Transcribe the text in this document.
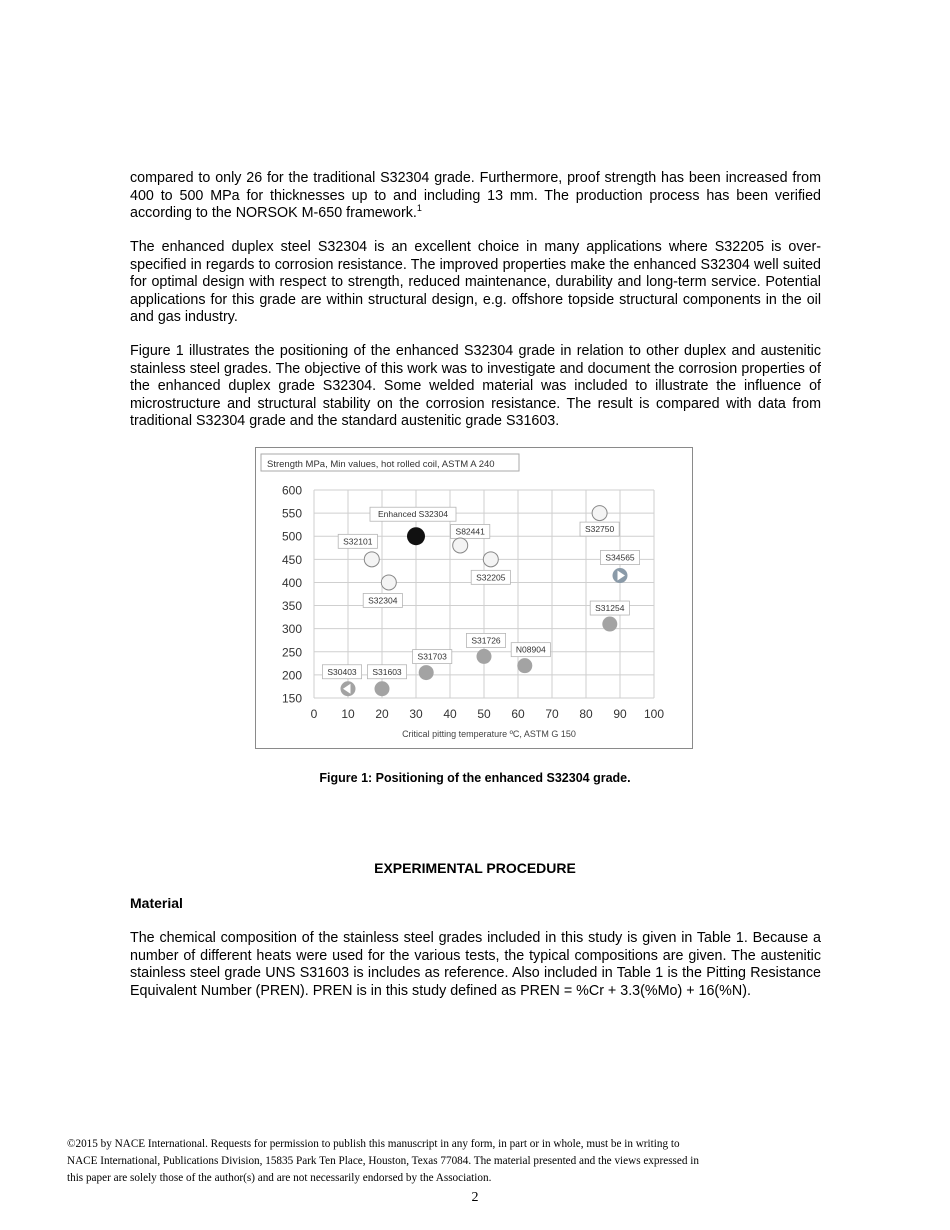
compared to only 26 for the traditional S32304 grade. Furthermore, proof strength has been increased from 400 to 500 MPa for thicknesses up to and including 13 mm. The production process has been verified according to the NORSOK M-650 framework.$^1$

The enhanced duplex steel S32304 is an excellent choice in many applications where S32205 is over-specified in regards to corrosion resistance. The improved properties make the enhanced S32304 well suited for optimal design with respect to strength, reduced maintenance, durability and long-term service. Potential applications for this grade are within structural design, e.g. offshore topside structural components in the oil and gas industry.

Figure 1 illustrates the positioning of the enhanced S32304 grade in relation to other duplex and austenitic stainless steel grades. The objective of this work was to investigate and document the corrosion properties of the enhanced duplex grade S32304. Some welded material was included to illustrate the influence of microstructure and structural stability on the corrosion resistance. The result is compared with data from traditional S32304 grade and the standard austenitic grade S31603.

Strength MPa, Min values, hot rolled coil, ASTM A 240
0 10 20 30 40 50 60 70 80 90 100
150
200
250
300
350
400
450
500
550
600
Critical pitting temperature ºC, ASTM G 150
Enhanced S32304
S82441
S32101
S32304
S32205
S32750
S34565
S31254
S31726
N08904
S31703
S31603
S30403
Figure 1: Positioning of the enhanced S32304 grade.
EXPERIMENTAL PROCEDURE
Material

The chemical composition of the stainless steel grades included in this study is given in Table 1. Because a number of different heats were used for the various tests, the typical compositions are given. The austenitic stainless steel grade UNS S31603 is includes as reference. Also included in Table 1 is the Pitting Resistance Equivalent Number (PREN). PREN is in this study defined as PREN = %Cr + 3.3(%Mo) + 16(%N).

©2015 by NACE International. Requests for permission to publish this manuscript in any form, in part or in whole, must be in writing to
NACE International, Publications Division, 15835 Park Ten Place, Houston, Texas 77084. The material presented and the views expressed in
this paper are solely those of the author(s) and are not necessarily endorsed by the Association.
2
